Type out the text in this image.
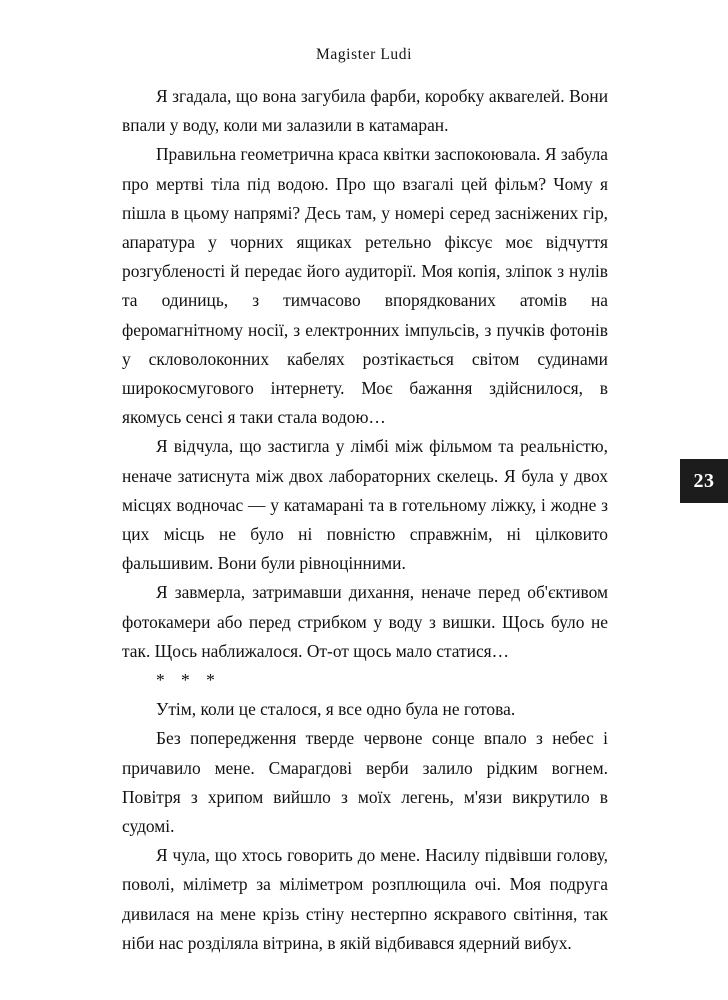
Magister Ludi

Я згадала, що вона загубила фарби, коробку аквareлей. Вони впали у воду, коли ми залазили в катамаран.

Правильна геометрична краса квітки заспокоювала. Я забула про мертві тіла під водою. Про що взагалі цей фільм? Чому я пішла в цьому напрямі? Десь там, у номері серед засніжених гір, апаратура у чорних ящиках ретельно фіксує моє відчуття розгубленості й передає його аудиторії. Моя копія, зліпок з нулів та одиниць, з тимчасово впорядкованих атомів на феромагнітному носії, з електронних імпульсів, з пучків фотонів у скловолоконних кабелях розтікається світом судинами широкосмугового інтернету. Моє бажання здійснилося, в якомусь сенсі я таки стала водою…

Я відчула, що застигла у лімбі між фільмом та реальністю, неначе затиснута між двох лабораторних скелець. Я була у двох місцях водночас — у катамарані та в готельному ліжку, і жодне з цих місць не було ні повністю справжнім, ні цілковито фальшивим. Вони були рівноцінними.

Я завмерла, затримавши дихання, неначе перед об'єктивом фотокамери або перед стрибком у воду з вишки. Щось було не так. Щось наближалося. От-от щось мало статися…

* * *

Утім, коли це сталося, я все одно була не готова.

Без попередження тверде червоне сонце впало з небес і причавило мене. Смарагдові верби залило рідким вогнем. Повітря з хрипом вийшло з моїх легень, м'язи викрутило в судомі.

Я чула, що хтось говорить до мене. Насилу підвівши голову, поволі, міліметр за міліметром розплющила очі. Моя подруга дивилася на мене крізь стіну нестерпно яскравого світіння, так ніби нас розділяла вітрина, в якій відбивався ядерний вибух.

23
